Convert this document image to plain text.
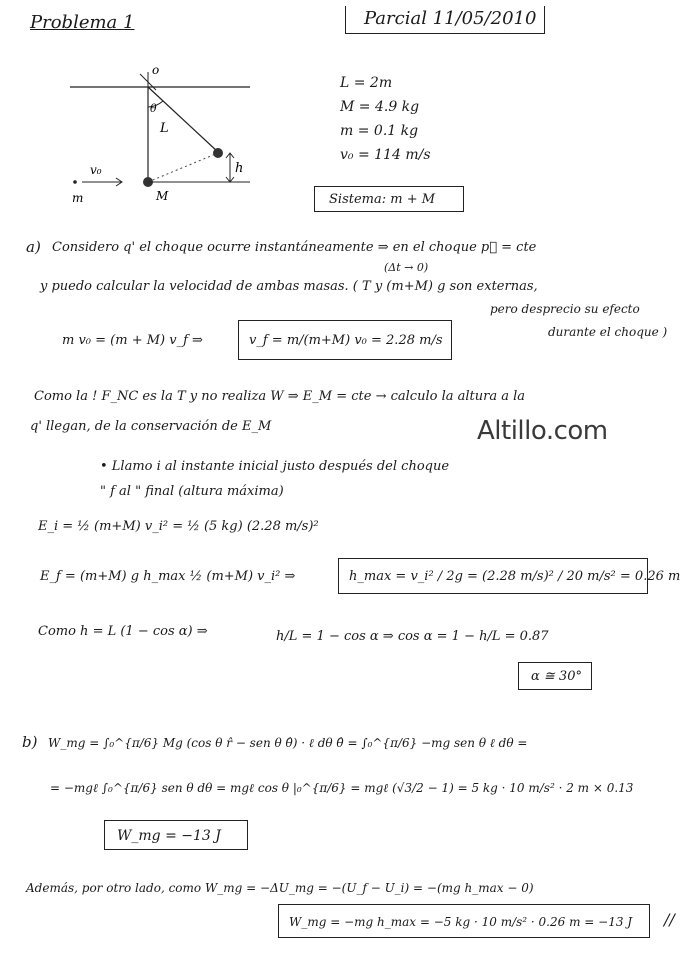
Problema 1	Parcial 11/05/2010
o
θ
L
h
v₀
m	M
L = 2m
M = 4.9 kg
m = 0.1 kg
v₀ = 114 m/s
Sistema: m + M
a) Considero q' el choque ocurre instantáneamente ⇒ en el choque p⃗ = cte
(Δt → 0)
y puedo calcular la velocidad de ambas masas. ( T y (m+M) g son externas,
pero desprecio su efecto
durante el choque )
m v₀ = (m + M) v_f ⇒	v_f = m/(m+M) v₀ = 2.28 m/s
Como la ! F_NC es la T y no realiza W ⇒ E_M = cte → calculo la altura a la
q' llegan, de la conservación de E_M	Altillo.com
• Llamo i al instante inicial justo después del choque
" f al " final (altura máxima)
E_i = ½ (m+M) v_i² = ½ (5 kg) (2.28 m/s)²
E_f = (m+M) g h_max ½ (m+M) v_i² ⇒	h_max = v_i² / 2g = (2.28 m/s)² / 20 m/s² = 0.26 m
Como h = L (1 − cos α) ⇒	h/L = 1 − cos α ⇒ cos α = 1 − h/L = 0.87
α ≅ 30°
b) W_mg = ∫₀^{π/6} Mg (cos θ r̂ − sen θ θ̂) · ℓ dθ θ̂ = ∫₀^{π/6} −mg sen θ ℓ dθ =
= −mgℓ ∫₀^{π/6} sen θ dθ = mgℓ cos θ |₀^{π/6} = mgℓ (√3/2 − 1) = 5 kg · 10 m/s² · 2 m × 0.13
W_mg = −13 J
Además, por otro lado, como W_mg = −ΔU_mg = −(U_f − U_i) = −(mg h_max − 0)
W_mg = −mg h_max = −5 kg · 10 m/s² · 0.26 m = −13 J	//
